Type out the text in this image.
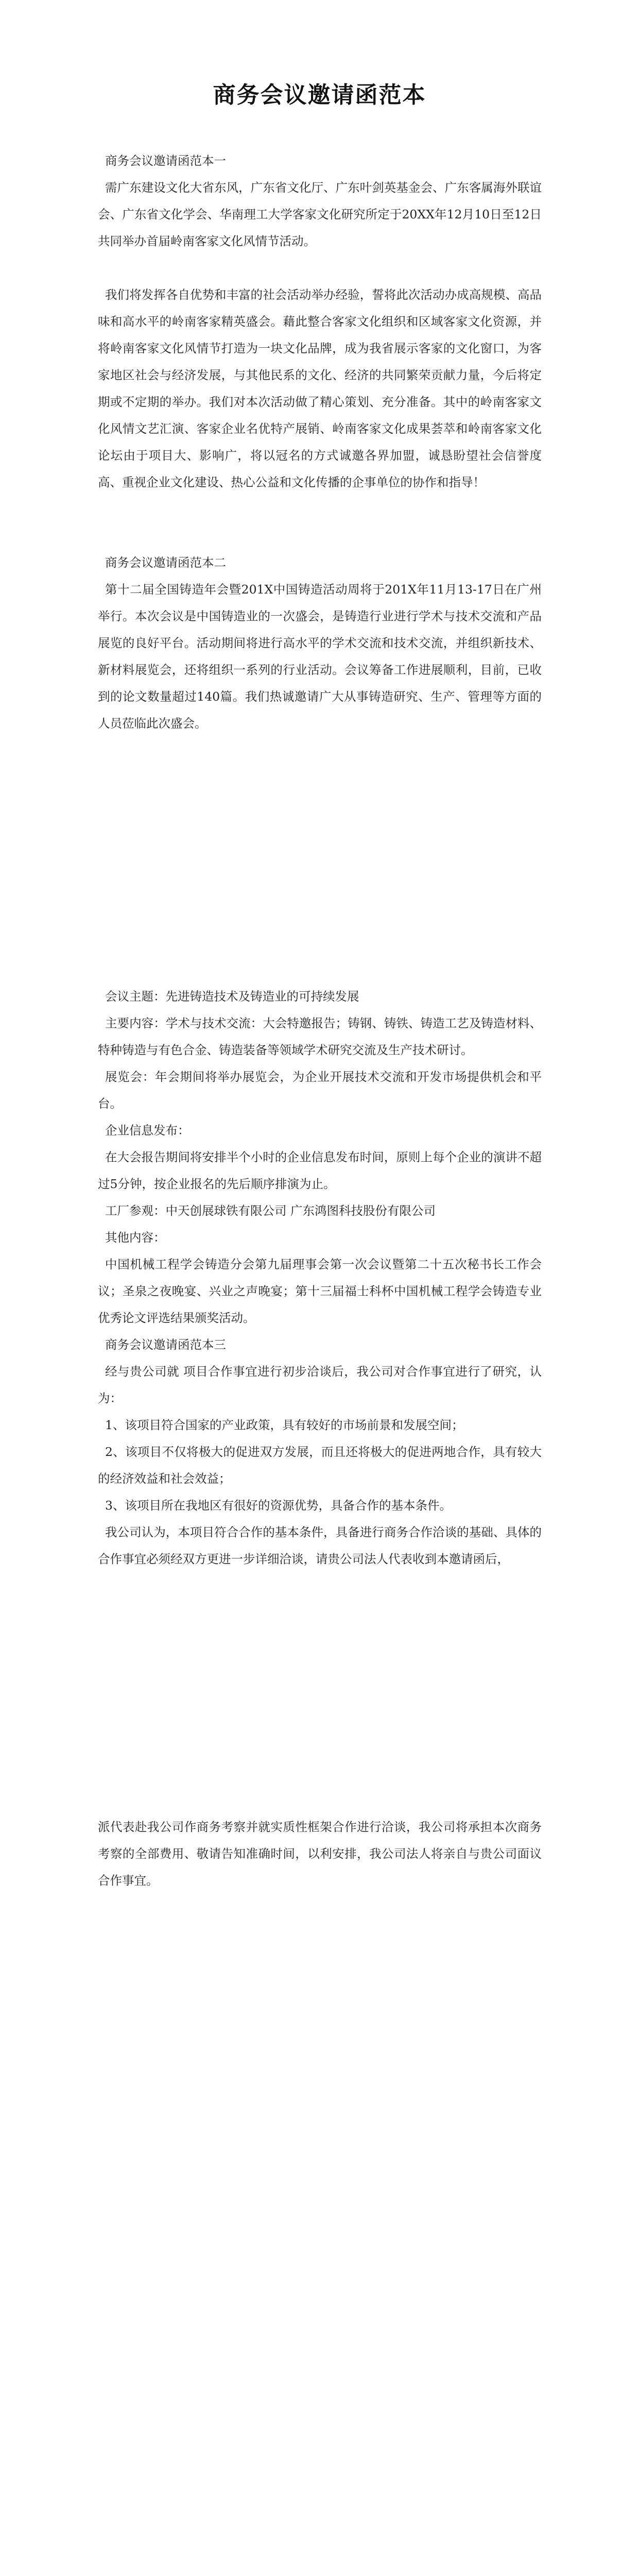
商务会议邀请函范本

商务会议邀请函范本一

需广东建设文化大省东风，广东省文化厅、广东叶剑英基金会、广东客属海外联谊会、广东省文化学会、华南理工大学客家文化研究所定于20XX年12月10日至12日共同举办首届岭南客家文化风情节活动。

我们将发挥各自优势和丰富的社会活动举办经验，誓将此次活动办成高规模、高品味和高水平的岭南客家精英盛会。藉此整合客家文化组织和区域客家文化资源，并将岭南客家文化风情节打造为一块文化品牌，成为我省展示客家的文化窗口，为客家地区社会与经济发展，与其他民系的文化、经济的共同繁荣贡献力量，今后将定期或不定期的举办。我们对本次活动做了精心策划、充分准备。其中的岭南客家文化风情文艺汇演、客家企业名优特产展销、岭南客家文化成果荟萃和岭南客家文化论坛由于项目大、影响广，将以冠名的方式诚邀各界加盟，诚恳盼望社会信誉度高、重视企业文化建设、热心公益和文化传播的企事单位的协作和指导！

商务会议邀请函范本二

第十二届全国铸造年会暨201X中国铸造活动周将于201X年11月13-17日在广州举行。本次会议是中国铸造业的一次盛会，是铸造行业进行学术与技术交流和产品展览的良好平台。活动期间将进行高水平的学术交流和技术交流，并组织新技术、新材料展览会，还将组织一系列的行业活动。会议筹备工作进展顺利，目前，已收到的论文数量超过140篇。我们热诚邀请广大从事铸造研究、生产、管理等方面的人员莅临此次盛会。

会议主题：先进铸造技术及铸造业的可持续发展

主要内容：学术与技术交流：大会特邀报告；铸钢、铸铁、铸造工艺及铸造材料、特种铸造与有色合金、铸造装备等领域学术研究交流及生产技术研讨。

展览会：年会期间将举办展览会，为企业开展技术交流和开发市场提供机会和平台。

企业信息发布：

在大会报告期间将安排半个小时的企业信息发布时间，原则上每个企业的演讲不超过5分钟，按企业报名的先后顺序排演为止。

工厂参观：中天创展球铁有限公司 广东鸿图科技股份有限公司

其他内容：

中国机械工程学会铸造分会第九届理事会第一次会议暨第二十五次秘书长工作会议；圣泉之夜晚宴、兴业之声晚宴；第十三届福士科杯中国机械工程学会铸造专业优秀论文评选结果颁奖活动。

商务会议邀请函范本三

经与贵公司就 项目合作事宜进行初步洽谈后，我公司对合作事宜进行了研究，认为：

1、该项目符合国家的产业政策，具有较好的市场前景和发展空间；

2、该项目不仅将极大的促进双方发展，而且还将极大的促进两地合作，具有较大的经济效益和社会效益；

3、该项目所在我地区有很好的资源优势，具备合作的基本条件。

我公司认为，本项目符合合作的基本条件，具备进行商务合作洽谈的基础、具体的合作事宜必须经双方更进一步详细洽谈，请贵公司法人代表收到本邀请函后，

派代表赴我公司作商务考察并就实质性框架合作进行洽谈，我公司将承担本次商务考察的全部费用、敬请告知准确时间，以利安排，我公司法人将亲自与贵公司面议合作事宜。
